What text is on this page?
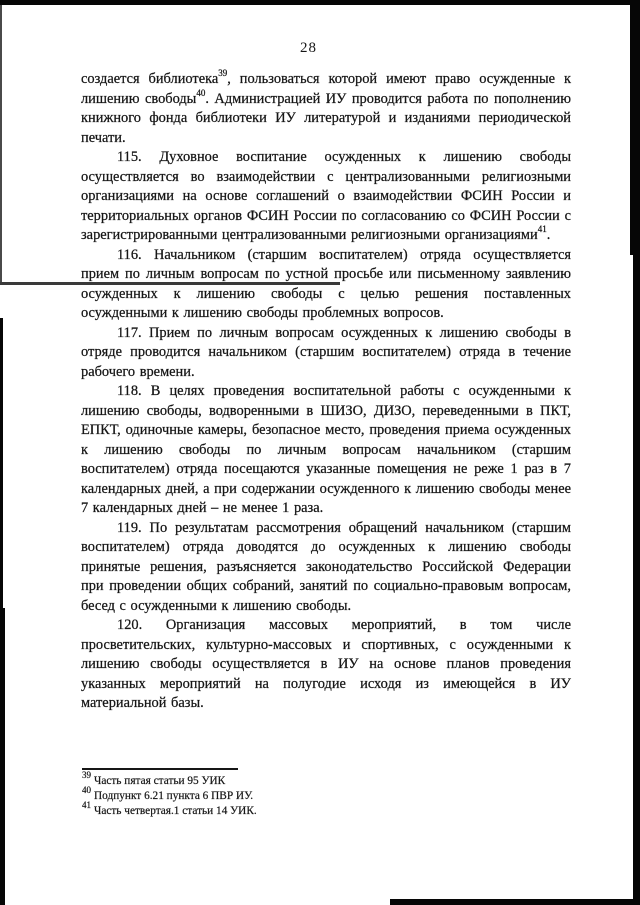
28

создается библиотека$^{39}$, пользоваться которой имеют право осужденные к лишению свободы$^{40}$. Администрацией ИУ проводится работа по пополнению книжного фонда библиотеки ИУ литературой и изданиями периодической печати.

115. Духовное воспитание осужденных к лишению свободы осуществляется во взаимодействии с централизованными религиозными организациями на основе соглашений о взаимодействии ФСИН России и территориальных органов ФСИН России по согласованию со ФСИН России с зарегистрированными централизованными религиозными организациями$^{41}$.

116. Начальником (старшим воспитателем) отряда осуществляется прием по личным вопросам по устной просьбе или письменному заявлению осужденных к лишению свободы с целью решения поставленных осужденными к лишению свободы проблемных вопросов.

117. Прием по личным вопросам осужденных к лишению свободы в отряде проводится начальником (старшим воспитателем) отряда в течение рабочего времени.

118. В целях проведения воспитательной работы с осужденными к лишению свободы, водворенными в ШИЗО, ДИЗО, переведенными в ПКТ, ЕПКТ, одиночные камеры, безопасное место, проведения приема осужденных к лишению свободы по личным вопросам начальником (старшим воспитателем) отряда посещаются указанные помещения не реже 1 раз в 7 календарных дней, а при содержании осужденного к лишению свободы менее 7 календарных дней – не менее 1 раза.

119. По результатам рассмотрения обращений начальником (старшим воспитателем) отряда доводятся до осужденных к лишению свободы принятые решения, разъясняется законодательство Российской Федерации при проведении общих собраний, занятий по социально-правовым вопросам, бесед с осужденными к лишению свободы.

120. Организация массовых мероприятий, в том числе просветительских, культурно-массовых и спортивных, с осужденными к лишению свободы осуществляется в ИУ на основе планов проведения указанных мероприятий на полугодие исходя из имеющейся в ИУ материальной базы.

$^{39}$ Часть пятая статьи 95 УИК
$^{40}$ Подпункт 6.21 пункта 6 ПВР ИУ.
$^{41}$ Часть четвертая.1 статьи 14 УИК.
